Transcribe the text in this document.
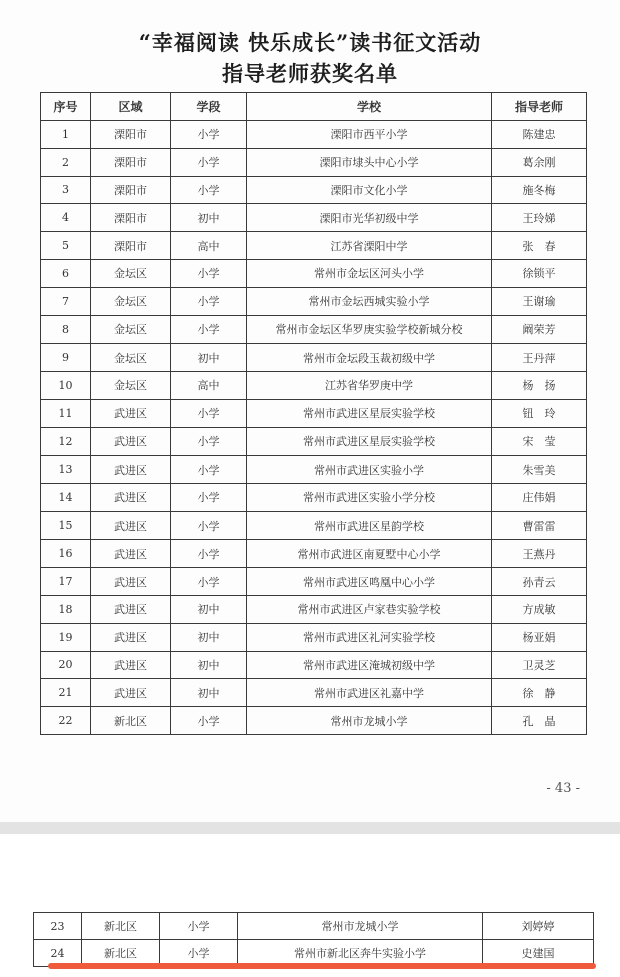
“幸福阅读 快乐成长”读书征文活动
指导老师获奖名单
序号	区域	学段	学校	指导老师
1	溧阳市	小学	溧阳市西平小学	陈建忠
2	溧阳市	小学	溧阳市埭头中心小学	葛余刚
3	溧阳市	小学	溧阳市文化小学	施冬梅
4	溧阳市	初中	溧阳市光华初级中学	王玲娣
5	溧阳市	高中	江苏省溧阳中学	张　春
6	金坛区	小学	常州市金坛区河头小学	徐锁平
7	金坛区	小学	常州市金坛西城实验小学	王谢瑜
8	金坛区	小学	常州市金坛区华罗庚实验学校新城分校	阚荣芳
9	金坛区	初中	常州市金坛段玉裁初级中学	王丹萍
10	金坛区	高中	江苏省华罗庚中学	杨　扬
11	武进区	小学	常州市武进区星辰实验学校	钮　玲
12	武进区	小学	常州市武进区星辰实验学校	宋　莹
13	武进区	小学	常州市武进区实验小学	朱雪美
14	武进区	小学	常州市武进区实验小学分校	庄伟娟
15	武进区	小学	常州市武进区星韵学校	曹雷雷
16	武进区	小学	常州市武进区南夏墅中心小学	王燕丹
17	武进区	小学	常州市武进区鸣凰中心小学	孙青云
18	武进区	初中	常州市武进区卢家巷实验学校	方成敏
19	武进区	初中	常州市武进区礼河实验学校	杨亚娟
20	武进区	初中	常州市武进区淹城初级中学	卫灵芝
21	武进区	初中	常州市武进区礼嘉中学	徐　静
22	新北区	小学	常州市龙城小学	孔　晶
- 43 -
23	新北区	小学	常州市龙城小学	刘婷婷
24	新北区	小学	常州市新北区奔牛实验小学	史建国
